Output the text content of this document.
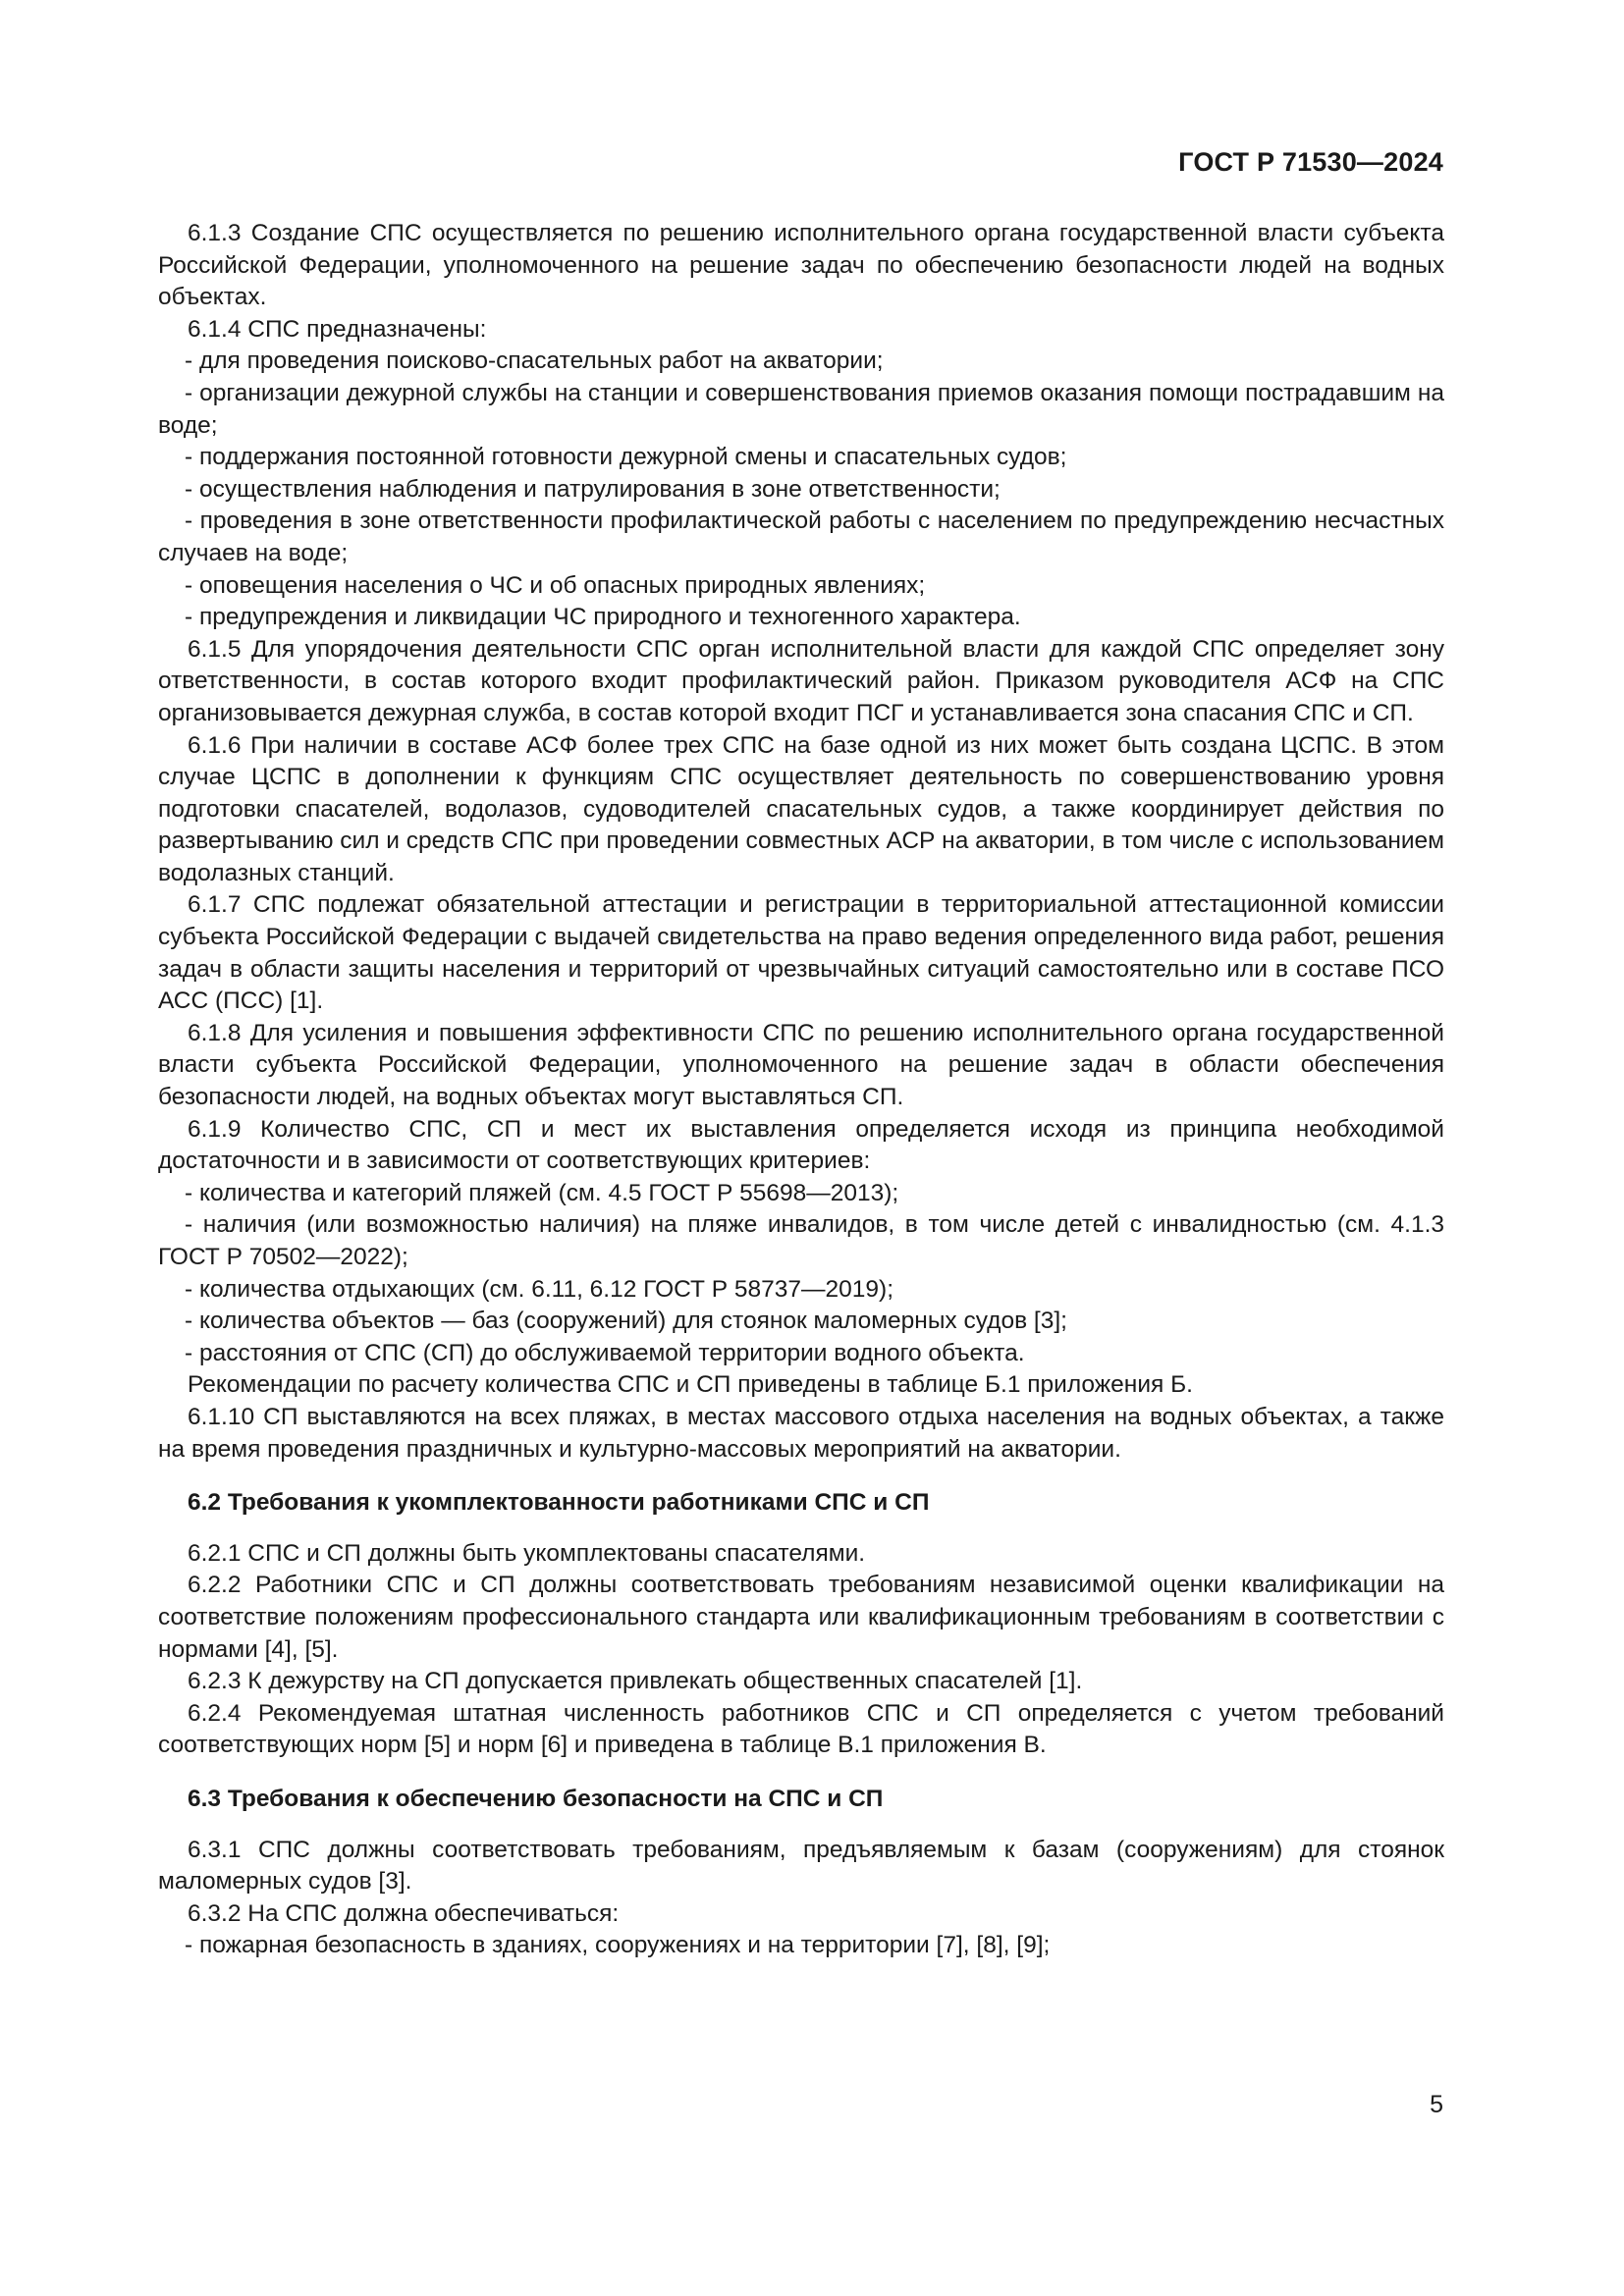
ГОСТ Р 71530—2024

6.1.3 Создание СПС осуществляется по решению исполнительного органа государственной власти субъекта Российской Федерации, уполномоченного на решение задач по обеспечению безопасности людей на водных объектах.

6.1.4 СПС предназначены:

- для проведения поисково-спасательных работ на акватории;

- организации дежурной службы на станции и совершенствования приемов оказания помощи пострадавшим на воде;

- поддержания постоянной готовности дежурной смены и спасательных судов;

- осуществления наблюдения и патрулирования в зоне ответственности;

- проведения в зоне ответственности профилактической работы с населением по предупреждению несчастных случаев на воде;

- оповещения населения о ЧС и об опасных природных явлениях;

- предупреждения и ликвидации ЧС природного и техногенного характера.

6.1.5 Для упорядочения деятельности СПС орган исполнительной власти для каждой СПС определяет зону ответственности, в состав которого входит профилактический район. Приказом руководителя АСФ на СПС организовывается дежурная служба, в состав которой входит ПСГ и устанавливается зона спасания СПС и СП.

6.1.6 При наличии в составе АСФ более трех СПС на базе одной из них может быть создана ЦСПС. В этом случае ЦСПС в дополнении к функциям СПС осуществляет деятельность по совершенствованию уровня подготовки спасателей, водолазов, судоводителей спасательных судов, а также координирует действия по развертыванию сил и средств СПС при проведении совместных АСР на акватории, в том числе с использованием водолазных станций.

6.1.7 СПС подлежат обязательной аттестации и регистрации в территориальной аттестационной комиссии субъекта Российской Федерации с выдачей свидетельства на право ведения определенного вида работ, решения задач в области защиты населения и территорий от чрезвычайных ситуаций самостоятельно или в составе ПСО АСС (ПСС) [1].

6.1.8 Для усиления и повышения эффективности СПС по решению исполнительного органа государственной власти субъекта Российской Федерации, уполномоченного на решение задач в области обеспечения безопасности людей, на водных объектах могут выставляться СП.

6.1.9 Количество СПС, СП и мест их выставления определяется исходя из принципа необходимой достаточности и в зависимости от соответствующих критериев:

- количества и категорий пляжей (см. 4.5 ГОСТ Р 55698—2013);

- наличия (или возможностью наличия) на пляже инвалидов, в том числе детей с инвалидностью (см. 4.1.3 ГОСТ Р 70502—2022);

- количества отдыхающих (см. 6.11, 6.12 ГОСТ Р 58737—2019);

- количества объектов — баз (сооружений) для стоянок маломерных судов [3];

- расстояния от СПС (СП) до обслуживаемой территории водного объекта.

Рекомендации по расчету количества СПС и СП приведены в таблице Б.1 приложения Б.

6.1.10 СП выставляются на всех пляжах, в местах массового отдыха населения на водных объектах, а также на время проведения праздничных и культурно-массовых мероприятий на акватории.

6.2 Требования к укомплектованности работниками СПС и СП

6.2.1 СПС и СП должны быть укомплектованы спасателями.

6.2.2 Работники СПС и СП должны соответствовать требованиям независимой оценки квалификации на соответствие положениям профессионального стандарта или квалификационным требованиям в соответствии с нормами [4], [5].

6.2.3 К дежурству на СП допускается привлекать общественных спасателей [1].

6.2.4 Рекомендуемая штатная численность работников СПС и СП определяется с учетом требований соответствующих норм [5] и норм [6] и приведена в таблице В.1 приложения В.

6.3 Требования к обеспечению безопасности на СПС и СП

6.3.1 СПС должны соответствовать требованиям, предъявляемым к базам (сооружениям) для стоянок маломерных судов [3].

6.3.2 На СПС должна обеспечиваться:

- пожарная безопасность в зданиях, сооружениях и на территории [7], [8], [9];

5
